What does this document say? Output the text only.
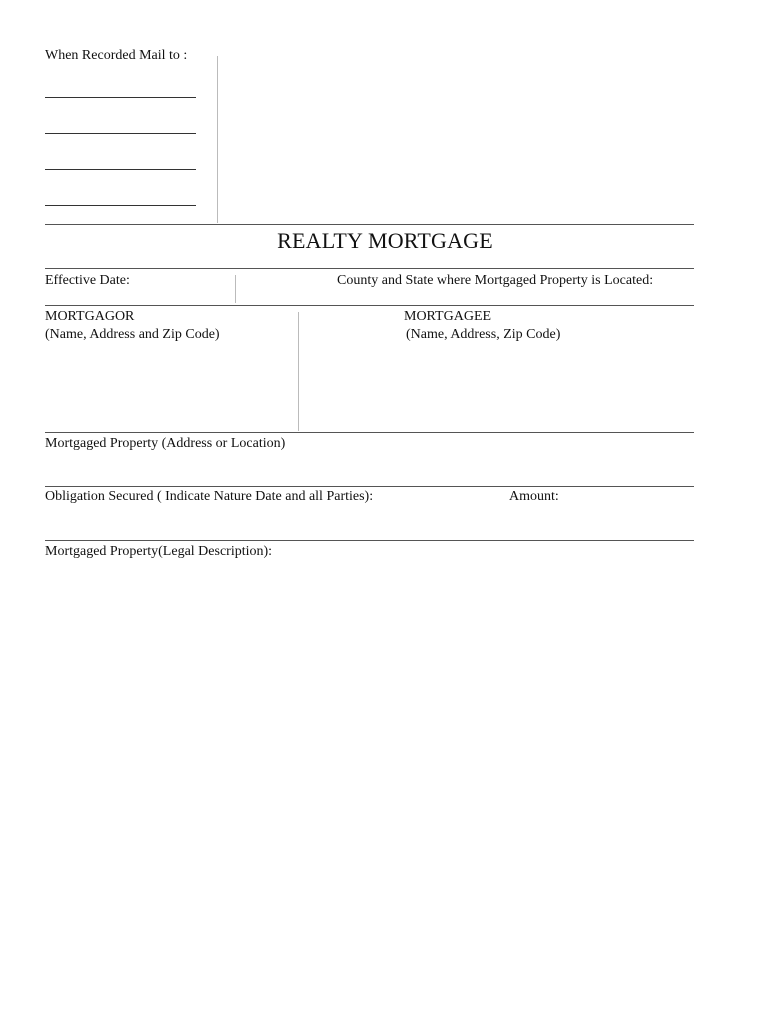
When Recorded Mail to :
REALTY MORTGAGE
Effective Date:	County and State where Mortgaged Property is Located:
MORTGAGOR
(Name, Address and Zip Code)
MORTGAGEE
(Name, Address, Zip Code)
Mortgaged Property (Address or Location)
Obligation Secured ( Indicate Nature Date and all Parties):	Amount:
Mortgaged Property(Legal Description):
